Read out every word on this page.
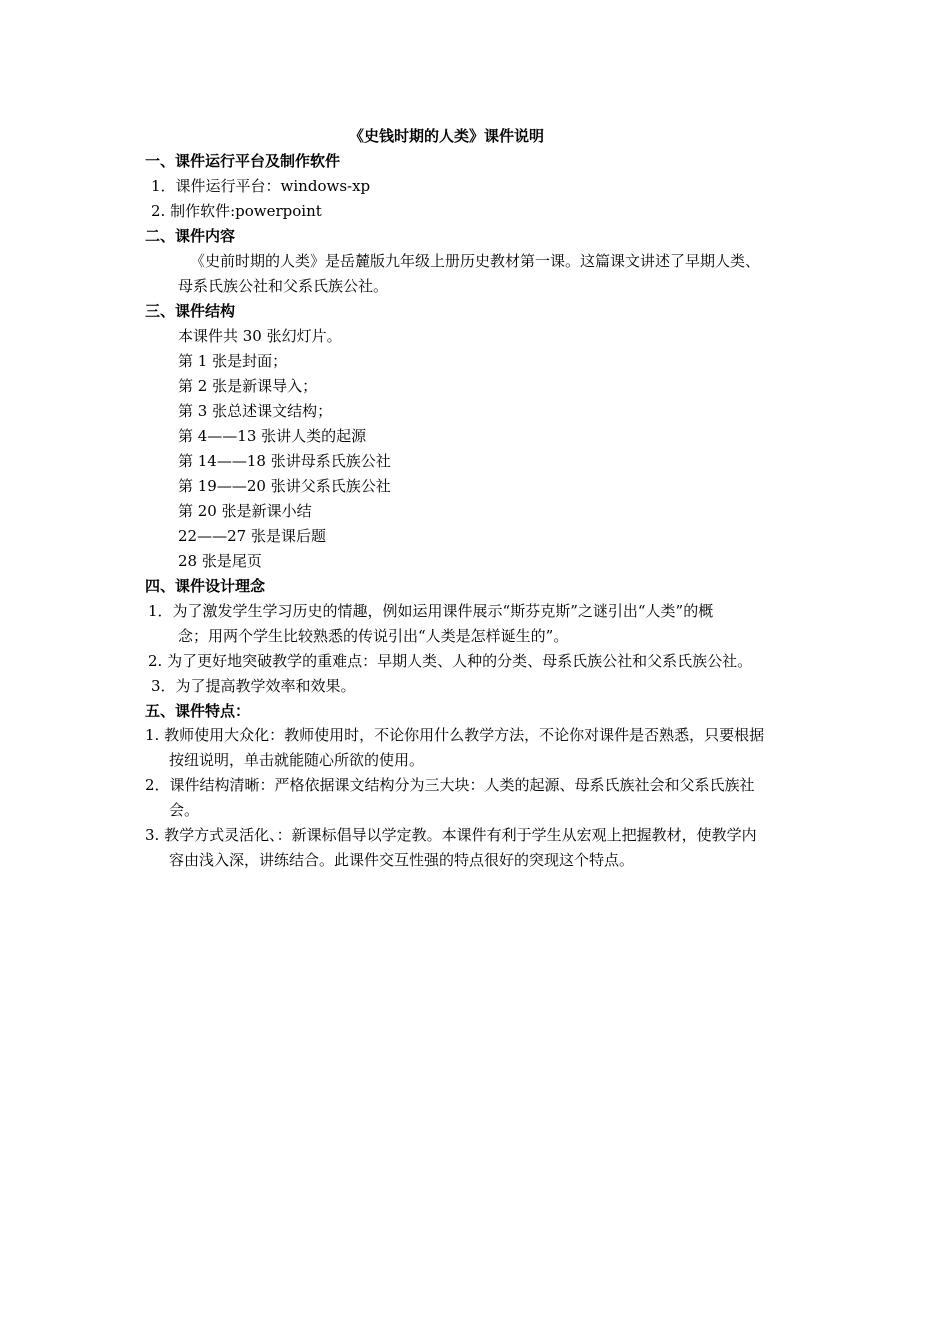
《史钱时期的人类》课件说明
一、课件运行平台及制作软件
1．课件运行平台：windows-xp
2. 制作软件:powerpoint
二、课件内容
《史前时期的人类》是岳麓版九年级上册历史教材第一课。这篇课文讲述了早期人类、
母系氏族公社和父系氏族公社。
三、课件结构
本课件共 30 张幻灯片。
第 1 张是封面；
第 2 张是新课导入；
第 3 张总述课文结构；
第 4——13 张讲人类的起源
第 14——18 张讲母系氏族公社
第 19——20 张讲父系氏族公社
第 20 张是新课小结
22——27 张是课后题
28 张是尾页
四、课件设计理念
1．为了激发学生学习历史的情趣，例如运用课件展示“斯芬克斯”之谜引出“人类”的概
念；用两个学生比较熟悉的传说引出“人类是怎样诞生的”。
2. 为了更好地突破教学的重难点：早期人类、人种的分类、母系氏族公社和父系氏族公社。
3．为了提高教学效率和效果。
五、课件特点：
1. 教师使用大众化：教师使用时，不论你用什么教学方法，不论你对课件是否熟悉，只要根据
按纽说明，单击就能随心所欲的使用。
2．课件结构清晰：严格依据课文结构分为三大块：人类的起源、母系氏族社会和父系氏族社
会。
3. 教学方式灵活化、：新课标倡导以学定教。本课件有利于学生从宏观上把握教材，使教学内
容由浅入深，讲练结合。此课件交互性强的特点很好的突现这个特点。
